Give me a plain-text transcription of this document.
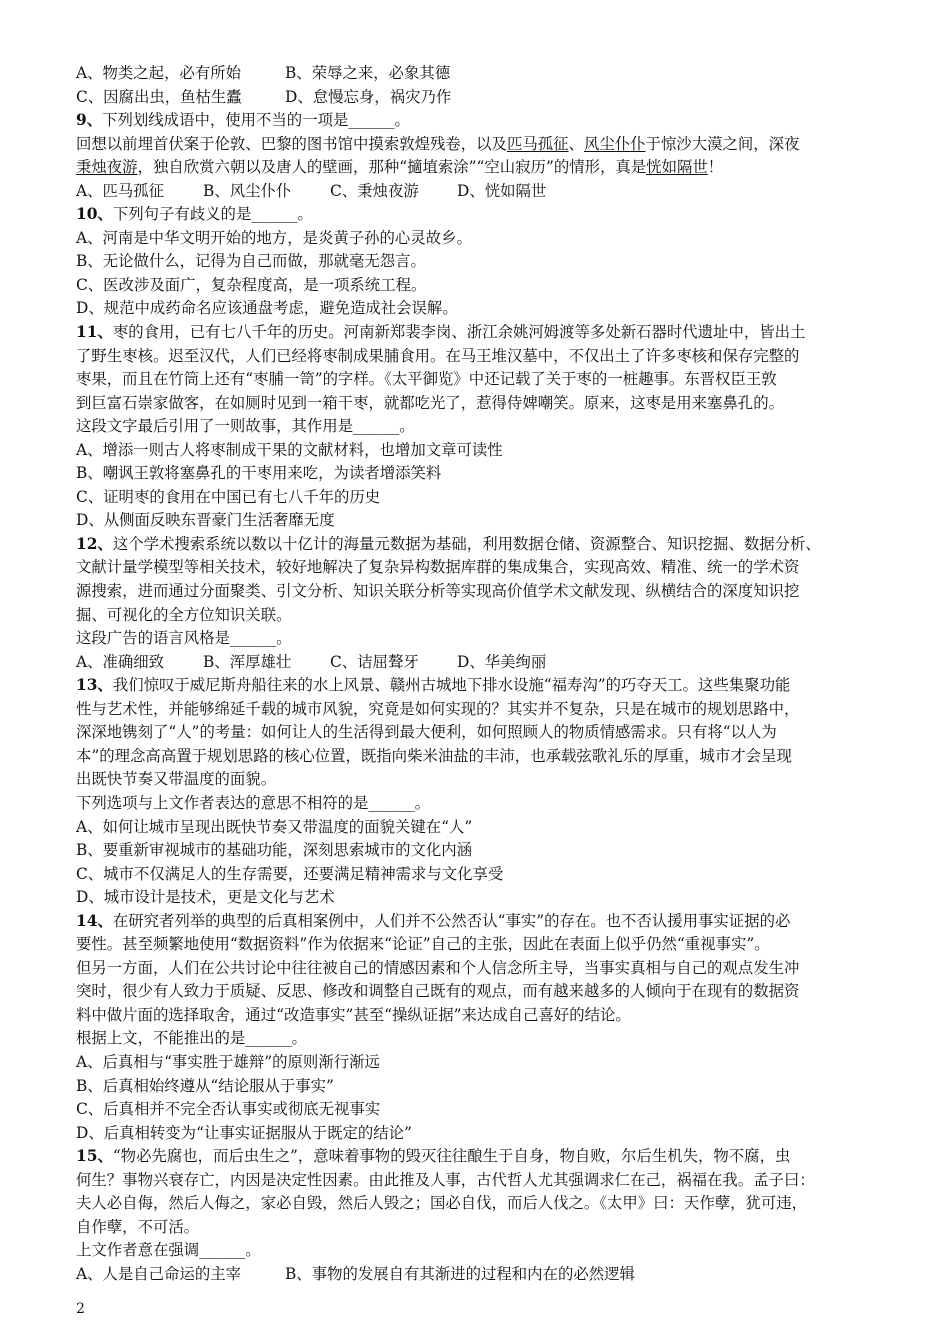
A、物类之起，必有所始	B、荣辱之来，必象其德
C、因腐出虫，鱼枯生蠹	D、怠慢忘身，祸灾乃作
9、下列划线成语中，使用不当的一项是______。
回想以前埋首伏案于伦敦、巴黎的图书馆中摸索敦煌残卷，以及匹马孤征、风尘仆仆于惊沙大漠之间，深夜
秉烛夜游，独自欣赏六朝以及唐人的壁画，那种“擿埴索涂”“空山寂历”的情形，真是恍如隔世！
A、匹马孤征	B、风尘仆仆	C、秉烛夜游 D、恍如隔世
10、下列句子有歧义的是______。
A、河南是中华文明开始的地方，是炎黄子孙的心灵故乡。
B、无论做什么，记得为自己而做，那就毫无怨言。
C、医改涉及面广，复杂程度高，是一项系统工程。
D、规范中成药命名应该通盘考虑，避免造成社会误解。
11、枣的食用，已有七八千年的历史。河南新郑裴李岗、浙江余姚河姆渡等多处新石器时代遗址中，皆出土
了野生枣核。迟至汉代，人们已经将枣制成果脯食用。在马王堆汉墓中，不仅出土了许多枣核和保存完整的
枣果，而且在竹筒上还有“枣脯一笥”的字样。《太平御览》中还记载了关于枣的一桩趣事。东晋权臣王敦
到巨富石崇家做客，在如厕时见到一箱干枣，就都吃光了，惹得侍婢嘲笑。原来，这枣是用来塞鼻孔的。
这段文字最后引用了一则故事，其作用是______。
A、增添一则古人将枣制成干果的文献材料，也增加文章可读性
B、嘲讽王敦将塞鼻孔的干枣用来吃，为读者增添笑料
C、证明枣的食用在中国已有七八千年的历史
D、从侧面反映东晋豪门生活奢靡无度
12、这个学术搜索系统以数以十亿计的海量元数据为基础，利用数据仓储、资源整合、知识挖掘、数据分析、
文献计量学模型等相关技术，较好地解决了复杂异构数据库群的集成集合，实现高效、精准、统一的学术资
源搜索，进而通过分面聚类、引文分析、知识关联分析等实现高价值学术文献发现、纵横结合的深度知识挖
掘、可视化的全方位知识关联。
这段广告的语言风格是______。
A、准确细致	B、浑厚雄壮	C、诘屈聱牙 D、华美绚丽
13、我们惊叹于威尼斯舟船往来的水上风景、赣州古城地下排水设施“福寿沟”的巧夺天工。这些集聚功能
性与艺术性，并能够绵延千载的城市风貌，究竟是如何实现的？其实并不复杂，只是在城市的规划思路中，
深深地镌刻了“人”的考量：如何让人的生活得到最大便利，如何照顾人的物质情感需求。只有将“以人为
本”的理念高高置于规划思路的核心位置，既指向柴米油盐的丰沛，也承载弦歌礼乐的厚重，城市才会呈现
出既快节奏又带温度的面貌。
下列选项与上文作者表达的意思不相符的是______。
A、如何让城市呈现出既快节奏又带温度的面貌关键在“人”
B、要重新审视城市的基础功能，深刻思索城市的文化内涵
C、城市不仅满足人的生存需要，还要满足精神需求与文化享受
D、城市设计是技术，更是文化与艺术
14、在研究者列举的典型的后真相案例中，人们并不公然否认“事实”的存在。也不否认援用事实证据的必
要性。甚至频繁地使用“数据资料”作为依据来“论证”自己的主张，因此在表面上似乎仍然“重视事实”。
但另一方面，人们在公共讨论中往往被自己的情感因素和个人信念所主导，当事实真相与自己的观点发生冲
突时，很少有人致力于质疑、反思、修改和调整自己既有的观点，而有越来越多的人倾向于在现有的数据资
料中做片面的选择取舍，通过“改造事实”甚至“操纵证据”来达成自己喜好的结论。
根据上文，不能推出的是______。
A、后真相与“事实胜于雄辩”的原则渐行渐远
B、后真相始终遵从“结论服从于事实”
C、后真相并不完全否认事实或彻底无视事实
D、后真相转变为“让事实证据服从于既定的结论”
15、“物必先腐也，而后虫生之”，意味着事物的毁灭往往酿生于自身，物自败，尔后生机失，物不腐，虫
何生？事物兴衰存亡，内因是决定性因素。由此推及人事，古代哲人尤其强调求仁在己，祸福在我。孟子曰：
夫人必自侮，然后人侮之，家必自毁，然后人毁之；国必自伐，而后人伐之。《太甲》曰：天作孽，犹可违，
自作孽，不可活。
上文作者意在强调______。
A、人是自己命运的主宰	B、事物的发展自有其渐进的过程和内在的必然逻辑
2
